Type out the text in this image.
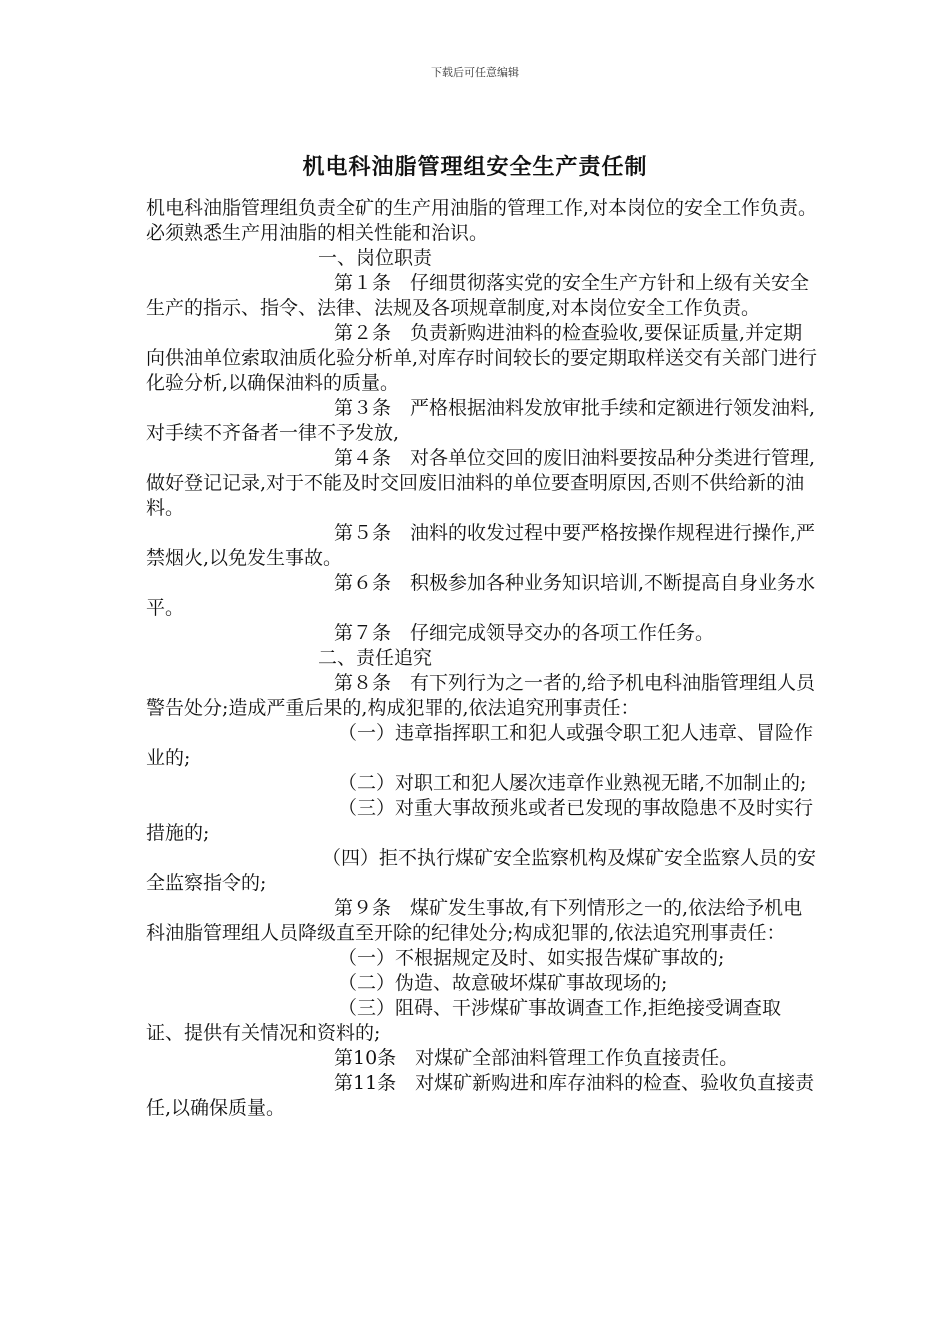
下载后可任意编辑
机电科油脂管理组安全生产责任制

机电科油脂管理组负责全矿的生产用油脂的管理工作,对本岗位的安全工作负责。必须熟悉生产用油脂的相关性能和治识。

一、岗位职责

第１条　仔细贯彻落实党的安全生产方针和上级有关安全生产的指示、指令、法律、法规及各项规章制度,对本岗位安全工作负责。

第２条　负责新购进油料的检查验收,要保证质量,并定期向供油单位索取油质化验分析单,对库存时间较长的要定期取样送交有关部门进行化验分析,以确保油料的质量。

第３条　严格根据油料发放审批手续和定额进行领发油料,对手续不齐备者一律不予发放,

第４条　对各单位交回的废旧油料要按品种分类进行管理,做好登记记录,对于不能及时交回废旧油料的单位要查明原因,否则不供给新的油料。

第５条　油料的收发过程中要严格按操作规程进行操作,严禁烟火,以免发生事故。

第６条　积极参加各种业务知识培训,不断提高自身业务水平。

第７条　仔细完成领导交办的各项工作任务。

二、责任追究

第８条　有下列行为之一者的,给予机电科油脂管理组人员警告处分;造成严重后果的,构成犯罪的,依法追究刑事责任：

（一）违章指挥职工和犯人或强令职工犯人违章、冒险作业的;

（二）对职工和犯人屡次违章作业熟视无睹,不加制止的;

（三）对重大事故预兆或者已发现的事故隐患不及时实行措施的;

（四）拒不执行煤矿安全监察机构及煤矿安全监察人员的安全监察指令的;

第９条　煤矿发生事故,有下列情形之一的,依法给予机电科油脂管理组人员降级直至开除的纪律处分;构成犯罪的,依法追究刑事责任：

（一）不根据规定及时、如实报告煤矿事故的;

（二）伪造、故意破坏煤矿事故现场的;

（三）阻碍、干涉煤矿事故调查工作,拒绝接受调查取证、提供有关情况和资料的;

第10条　对煤矿全部油料管理工作负直接责任。

第11条　对煤矿新购进和库存油料的检查、验收负直接责任,以确保质量。
